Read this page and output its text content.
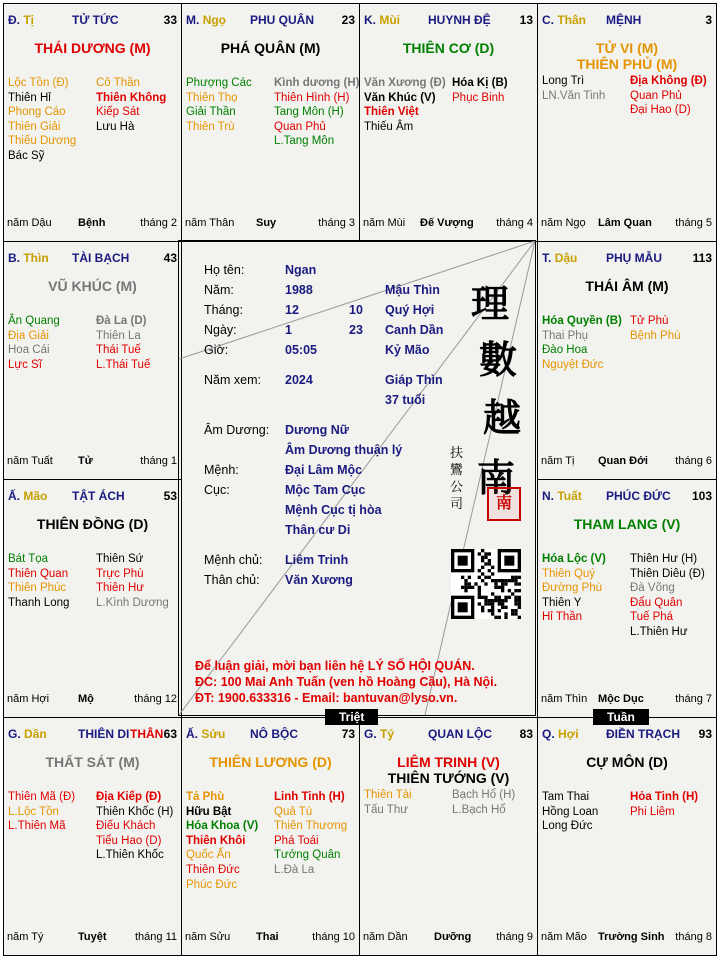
Đ. Tị	TỬ TỨC	33
THÁI DƯƠNG (M)
Lộc Tồn (Đ)
Thiên Hỉ
Phong Cáo
Thiên Giải
Thiếu Dương
Bác Sỹ
Cô Thần
Thiên Không
Kiếp Sát
Lưu Hà
năm Dậu Bệnh	tháng 2
M. Ngọ PHU QUÂN 23
PHÁ QUÂN (M)
Phượng Các
Thiên Thọ
Giải Thần
Thiên Trù
Kình dương (H)
Thiên Hình (H)
Tang Môn (H)
Quan Phủ
L.Tang Môn
năm Thân Suy	tháng 3
K. Mùi HUYNH ĐỆ 13
THIÊN CƠ (D)
Văn Xương (Đ)
Văn Khúc (V)
Thiên Việt
Thiếu Âm
Hóa Kị (B)
Phục Binh
năm Mùi Đế Vượng tháng 4
C. Thân MỆNH	3
TỬ VI (M)
THIÊN PHỦ (M)
Long Trì
LN.Văn Tinh
Địa Không (Đ)
Quan Phủ
Đại Hao (D)
năm Ngọ Lâm Quan tháng 5
B. Thìn TÀI BẠCH	43
VŨ KHÚC (M)
Ân Quang
Địa Giải
Hoa Cái
Lực Sĩ
Đà La (D)
Thiên La
Thái Tuế
L.Thái Tuế
năm Tuất Tử	tháng 1
T. Dậu PHỤ MẪU	113
THÁI ÂM (M)
Hóa Quyền (B)
Thai Phụ
Đào Hoa
Nguyệt Đức
Tử Phù
Bệnh Phù
năm Tị Quan Đới tháng 6
Ấ. Mão TẬT ÁCH	53
THIÊN ĐỒNG (D)
Bát Tọa
Thiên Quan
Thiên Phúc
Thanh Long
Thiên Sứ
Trực Phù
Thiên Hư
L.Kình Dương
năm Hợi	Mộ	tháng 12
N. Tuất PHÚC ĐỨC 103
THAM LANG (V)
Hóa Lộc (V)
Thiên Quý
Đường Phù
Thiên Y
Hỉ Thần
Thiên Hư (H)
Thiên Diêu (Đ)
Đà Võng
Đẩu Quân
Tuế Phá
L.Thiên Hư
năm Thìn Mộc Dục	tháng 7
G. Dần	THIÊN DI THÂN 63
THẤT SÁT (M)
Thiên Mã (Đ)
L.Lộc Tồn
L.Thiên Mã
Địa Kiếp (Đ)
Thiên Khốc (H)
Điếu Khách
Tiểu Hao (D)
L.Thiên Khốc
năm Tý	Tuyệt	tháng 11
Ấ. Sửu NÔ BỘC	73
THIÊN LƯƠNG (D)
Tả Phù
Hữu Bật
Hóa Khoa (V)
Thiên Khôi
Quốc Ấn
Thiên Đức
Phúc Đức
Linh Tinh (H)
Quả Tú
Thiên Thương
Phá Toái
Tướng Quân
L.Đà La
năm Sửu Thai	tháng 10
G. Tý	QUAN LỘC 83
LIÊM TRINH (V)
THIÊN TƯỚNG (V)
Thiên Tài
Tấu Thư
Bạch Hổ (H)
L.Bạch Hổ
năm Dần Dưỡng tháng 9
Q. Hợi ĐIỀN TRẠCH 93
CỰ MÔN (D)
Tam Thai
Hồng Loan
Long Đức
Hỏa Tinh (H)
Phi Liêm
năm Mão Trường Sinh tháng 8
Họ tên:	Ngan
Năm:	1988	Mậu Thìn
Tháng:	12	10 Quý Hợi
Ngày:	1	23 Canh Dần
Giờ:	05:05	Kỷ Mão
Năm xem: 2024	Giáp Thìn
37 tuổi
Âm Dương: Dương Nữ
Âm Dương thuận lý
Mệnh:	Đại Lâm Mộc
Cục:	Mộc Tam Cục
Mệnh Cục tị hòa
Thân cư Di
Mệnh chủ: Liêm Trinh
Thân chủ: Văn Xương
理
數
越
南
南
扶
鸞
公
司
Để luận giải, mời bạn liên hệ LÝ SỐ HỘI QUÁN.
ĐC: 100 Mai Anh Tuấn (ven hồ Hoàng Cầu), Hà Nội.
ĐT: 1900.633316 - Email: bantuvan@lyso.vn.
Triệt	Tuần
